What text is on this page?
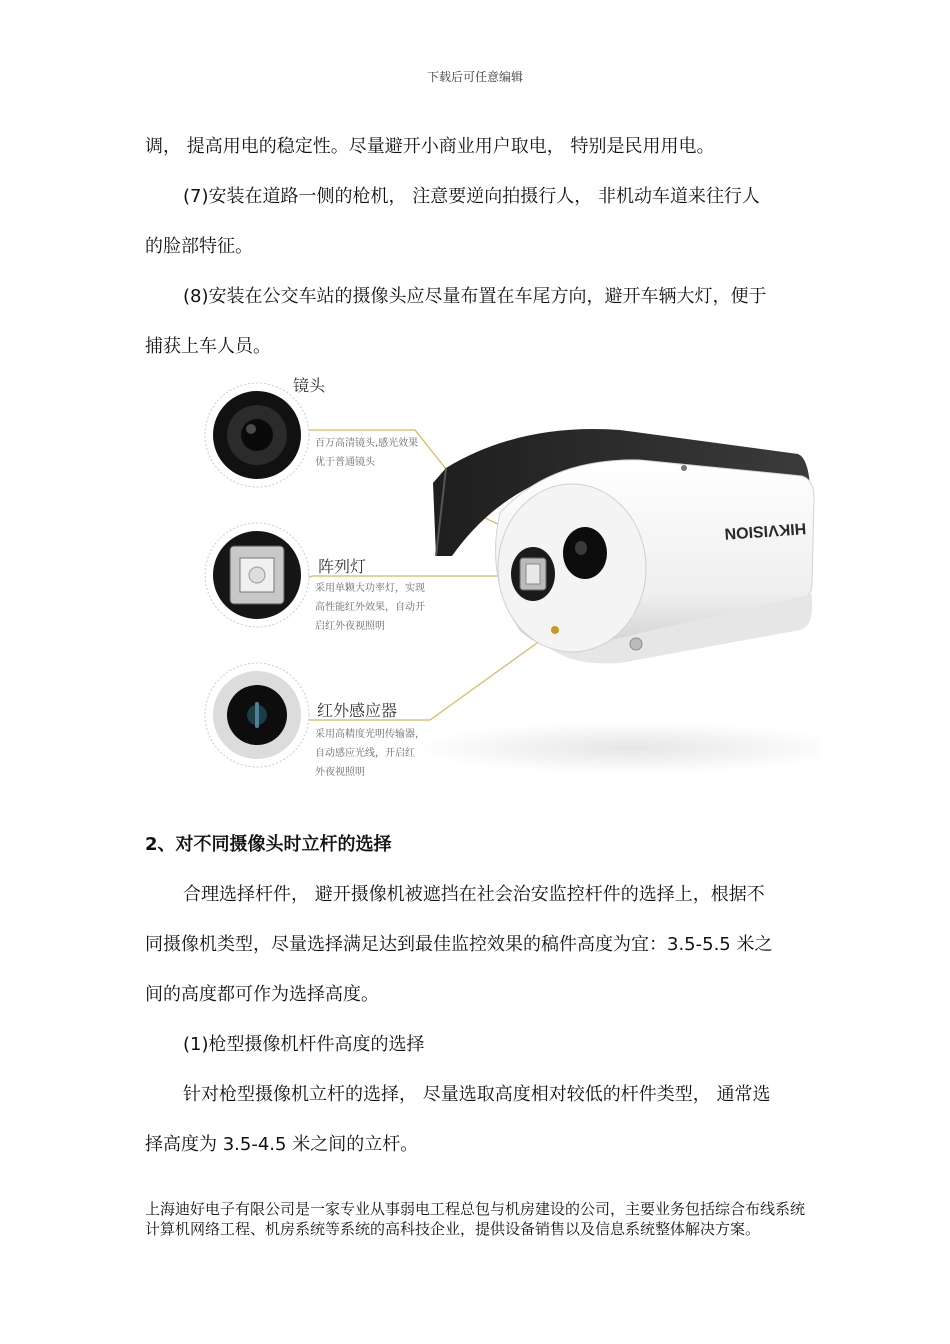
下载后可任意编辑
调， 提高用电的稳定性。尽量避开小商业用户取电， 特别是民用用电。
(7)安装在道路一侧的枪机， 注意要逆向拍摄行人， 非机动车道来往行人
的脸部特征。
(8)安装在公交车站的摄像头应尽量布置在车尾方向，避开车辆大灯，便于
捕获上车人员。
HIKVISION
镜头
百万高清镜头,感光效果
优于普通镜头
阵列灯
采用单颗大功率灯，实现
高性能红外效果，自动开
启红外夜视照明
红外感应器
采用高精度光明传输器，
自动感应光线，开启红
外夜视照明
2、对不同摄像头时立杆的选择
合理选择杆件， 避开摄像机被遮挡在社会治安监控杆件的选择上，根据不
同摄像机类型，尽量选择满足达到最佳监控效果的稿件高度为宜：3.5-5.5 米之
间的高度都可作为选择高度。
(1)枪型摄像机杆件高度的选择
针对枪型摄像机立杆的选择， 尽量选取高度相对较低的杆件类型， 通常选
择高度为 3.5-4.5 米之间的立杆。
上海迪好电子有限公司是一家专业从事弱电工程总包与机房建设的公司，主要业务包括综合布线系统计算机网络工程、机房系统等系统的高科技企业，提供设备销售以及信息系统整体解决方案。
